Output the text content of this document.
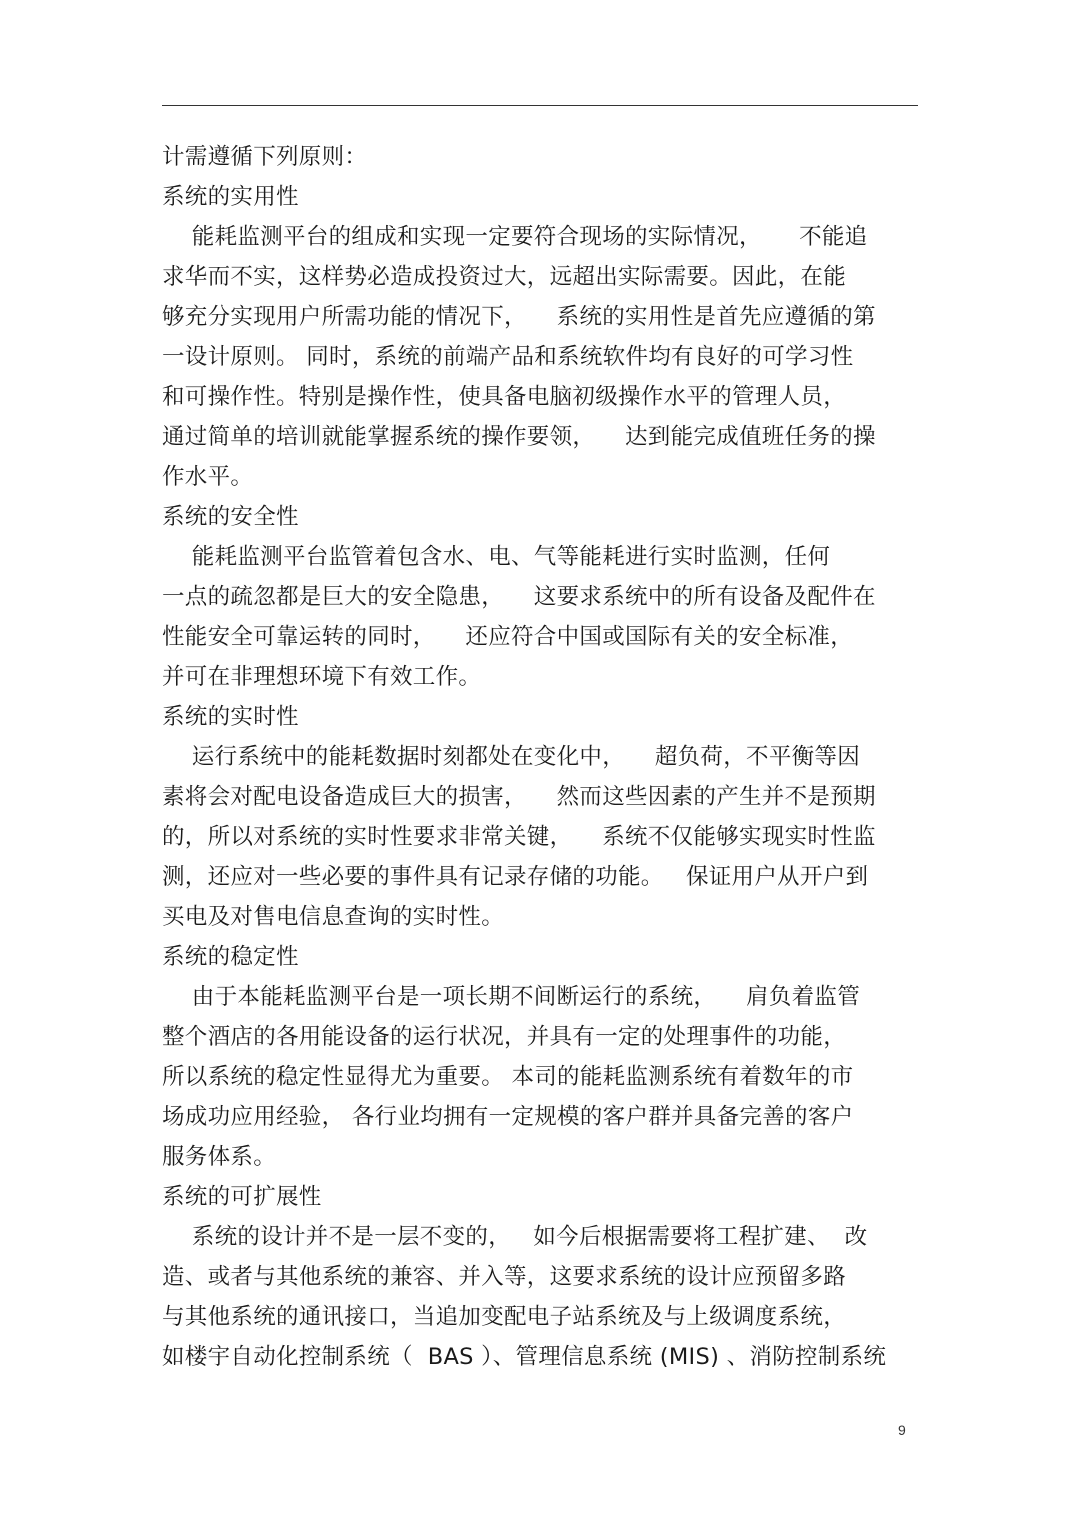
计需遵循下列原则：
系统的实用性
能耗监测平台的组成和实现一定要符合现场的实际情况，     不能追
求华而不实，这样势必造成投资过大，远超出实际需要。因此，在能
够充分实现用户所需功能的情况下，    系统的实用性是首先应遵循的第
一设计原则。 同时，系统的前端产品和系统软件均有良好的可学习性
和可操作性。特别是操作性，使具备电脑初级操作水平的管理人员，
通过简单的培训就能掌握系统的操作要领，    达到能完成值班任务的操
作水平。
系统的安全性
能耗监测平台监管着包含水、电、气等能耗进行实时监测，任何
一点的疏忽都是巨大的安全隐患，    这要求系统中的所有设备及配件在
性能安全可靠运转的同时，    还应符合中国或国际有关的安全标准，
并可在非理想环境下有效工作。
系统的实时性
运行系统中的能耗数据时刻都处在变化中，    超负荷，不平衡等因
素将会对配电设备造成巨大的损害，    然而这些因素的产生并不是预期
的，所以对系统的实时性要求非常关键，    系统不仅能够实现实时性监
测，还应对一些必要的事件具有记录存储的功能。   保证用户从开户到
买电及对售电信息查询的实时性。
系统的稳定性
由于本能耗监测平台是一项长期不间断运行的系统，    肩负着监管
整个酒店的各用能设备的运行状况，并具有一定的处理事件的功能，
所以系统的稳定性显得尤为重要。 本司的能耗监测系统有着数年的市
场成功应用经验， 各行业均拥有一定规模的客户群并具备完善的客户
服务体系。
系统的可扩展性
系统的设计并不是一层不变的，   如今后根据需要将工程扩建、  改
造、或者与其他系统的兼容、并入等，这要求系统的设计应预留多路
与其他系统的通讯接口，当追加变配电子站系统及与上级调度系统，
如楼宇自动化控制系统（  BAS ）、管理信息系统 (MIS) 、消防控制系统
9
